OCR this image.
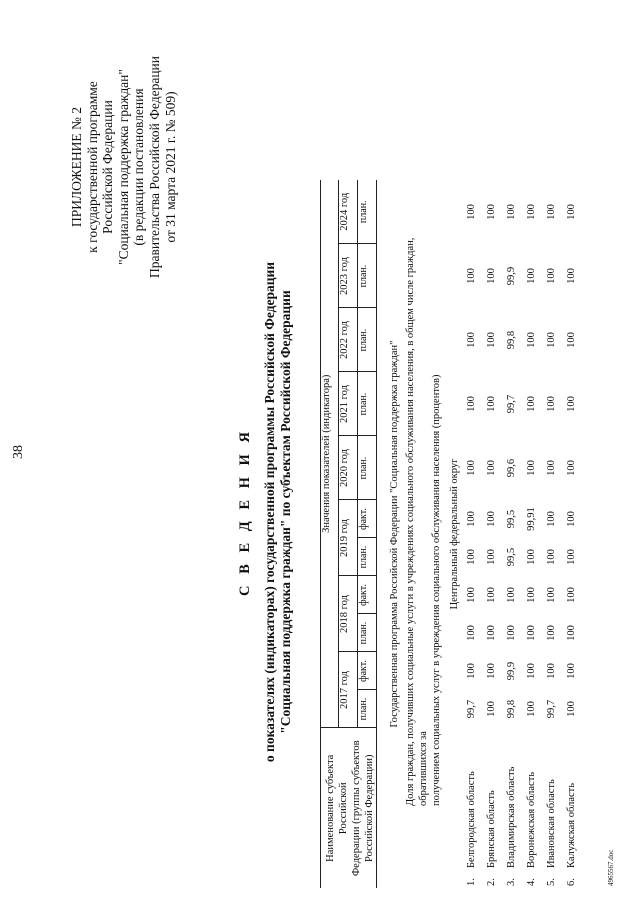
38
ПРИЛОЖЕНИЕ № 2 к государственной программе Российской Федерации "Социальная поддержка граждан" (в редакции постановления Правительства Российской Федерации от 31 марта 2021 г. № 509)
С В Е Д Е Н И Я о показателях (индикаторах) государственной программы Российской Федерации "Социальная поддержка граждан" по субъектам Российской Федерации
Наименование субъекта Российской Федерации (группы субъектов Российской Федерации)	Значения показателей (индикатора)										
	2017 год		2018 год		2019 год		2020 год	2021 год	2022 год	2023 год	2024 год
	план.	факт.	план.	факт.	план.	факт.	план.	план.	план.	план.	план.
Государственная программа Российской Федерации "Социальная поддержка граждан"											
Доля граждан, получивших социальные услуги в учреждениях социального обслуживания населения, в общем числе граждан, обратившихся за получением социальных услуг в учреждения социального обслуживания населения (процентов)											
Центральный федеральный округ											
1.Белгородская область	99,7	100	100	100	100	100	100	100	100	100	100
2.Брянская область	100	100	100	100	100	100	100	100	100	100	100
3.Владимирская область	99,8	99,9	100	100	99,5	99,5	99,6	99,7	99,8	99,9	100
4.Воронежская область	100	100	100	100	100	99,91	100	100	100	100	100
5.Ивановская область	99,7	100	100	100	100	100	100	100	100	100	100
6.Калужская область	100	100	100	100	100	100	100	100	100	100	100
4965567.doc
